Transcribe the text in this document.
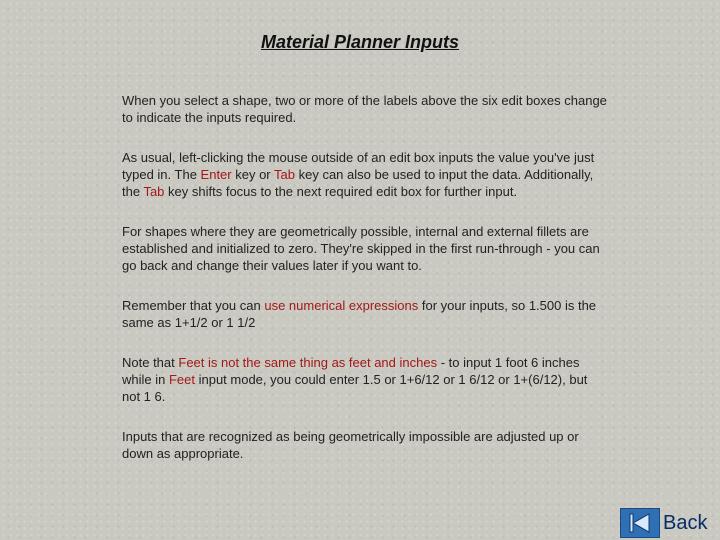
Material Planner Inputs

When you select a shape, two or more of the labels above the six edit boxes change to indicate the inputs required.

As usual, left-clicking the mouse outside of an edit box inputs the value you've just typed in. The Enter key or Tab key can also be used to input the data. Additionally, the Tab key shifts focus to the next required edit box for further input.

For shapes where they are geometrically possible, internal and external fillets are established and initialized to zero. They're skipped in the first run-through - you can go back and change their values later if you want to.

Remember that you can use numerical expressions for your inputs, so 1.500 is the same as 1+1/2 or 1 1/2

Note that Feet is not the same thing as feet and inches - to input 1 foot 6 inches while in Feet input mode, you could enter 1.5 or 1+6/12 or 1 6/12 or 1+(6/12), but not 1 6.

Inputs that are recognized as being geometrically impossible are adjusted up or down as appropriate.

Back
